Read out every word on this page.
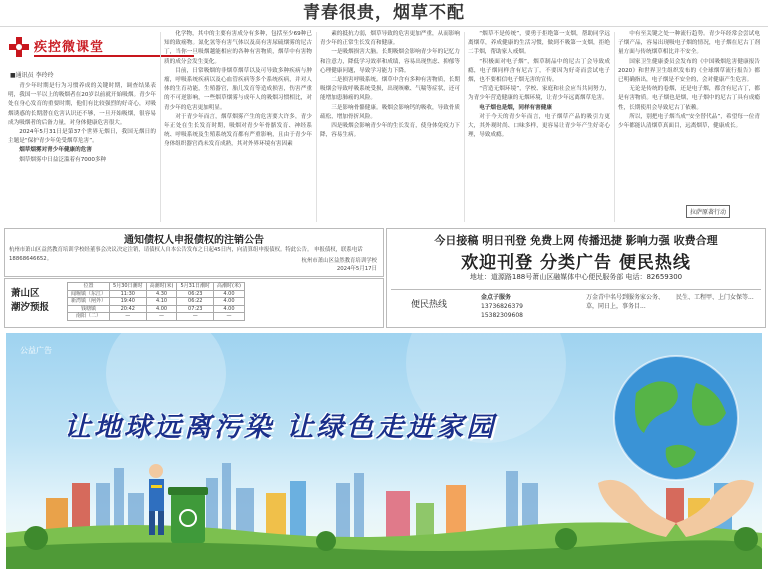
青春很贵，烟草不配
疾控微课堂
■通讯员 李玲玲

青少年时期是行为习惯养成的关键时期，调查结果表明，我国一半以上的吸烟者在20岁以前就开始吸烟。青少年处在身心发育的重要时期，他们有比较强烈的好奇心，对吸烟诱惑的长期潜在危害认识还不够，一旦开始吸烟，很容易成为吸烟者的后备力量，对身体健康危害很大。

2024年5月31日是第37个世界无烟日，我国无烟日的主题是“保护青少年免受烟草危害”。

烟草烟雾对青少年健康的危害

烟草烟雾中日益泛滥着有7000多种

化学物，其中的主要有害成分有多种，包括至少69种已知的致癌物。氮化氢等有害气体以及高有害尿硫烟雾的尼古丁，当你一旦吸烟越能相应的各种有害物质，烟草中有害物质的成分会发生变化。

目前，日常吸烟的非烟草烟草以及可导致多种疾病与肿瘤，呼吸系统疾病以及心血管疾病等多个系统疾病，并对人体的生育功能，生殖器官，胎儿发育等造成损害，伤害严重的不可逆影响，一些烟草烟雾与成年人的吸烟习惯相比，对青少年的危害更加明显。

对于青少年而言，烟草烟雾产生的危害要大许多，青少年正处在生长发育时期，吸烟对青少年骨骼发育、神经系统、呼吸系统及生殖系统发育都有严重影响，且由于青少年身体组织器官尚未发育成熟，其对外界环境有害因素

素的抵抗力弱，烟草导致的危害更加严重，从而影响青少年的正常生长发育和健康。

一是吸烟损害大脑。长期吸烟会影响青少年的记忆力和注意力，降低学习效率和成绩，容易出现焦虑、抑郁等心理健康问题，导致学习能力下降。

二是损害呼吸系统。烟草中含有多种有害物质，长期吸烟会导致呼吸系统受损，出现咳嗽、气喘等症状，还可能增加患肺癌的风险。

三是影响骨骼健康。吸烟会影响钙的吸收，导致骨质疏松，增加骨折风险。

四是吸烟会影响青少年的生长发育，使身体免疫力下降，容易生病。

“烟草不是传统”，要勇于拒绝第一支烟，帮助同学远离烟草，养成健康的生活习惯，做到不吸第一支烟，拒绝二手烟，帮助家人戒烟。

“积极面对电子烟”，烟草制品中的尼古丁会导致成瘾，电子烟同样含有尼古丁，不要因为好奇而尝试电子烟，也不要相信电子烟无害的宣传。

“营造无烟环境”，学校、家庭和社会应当共同努力，为青少年营造健康的无烟环境，让青少年远离烟草危害。

电子烟也是烟，同样有害健康

对于今天的青少年而言，电子烟草产品的吸引力更大，其外观时尚、口味多样，更容易让青少年产生好奇心理，导致成瘾。

中有至关键之处一种流行趋势。青少年经常会尝试电子烟产品，容易出现吸电子烟的情况，电子烟在尼古丁剂量方面与传统烟草相比并不安全。

国家卫生健康委员会发布的《中国吸烟危害健康报告2020》和世界卫生组织发布的《全球烟草流行报告》都已明确指出，电子烟是不安全的，会对健康产生危害。

无论是传统的卷烟，还是电子烟，都含有尼古丁，都是有害物质。电子烟也是烟，电子烟中的尼古丁具有成瘾性，长期使用会导致尼古丁依赖。

所以，别把电子烟当成“安全替代品”，希望每一位青少年都能认清烟草真面目，远离烟草，健康成长。

拉萨原著行动
通知债权人申报债权的注销公告
杭州市萧山区益然教育培训学校经董事会决议决定注销，请债权人自本公告发布之日起45日内，向清算组申报债权。特此公告。 申报债权，联系电话 18868646652。	杭州市萧山区益然教育培训学校
2024年5月17日
萧山区
潮汐预报
位置	5月30日潮时	高潮时(米)	5月31日潮时	高潮时(米)
闻堰镇（东江）	11:30	4.30	06:23	4.00
新湾镇（闸外）	19:40	4.10	06:22	4.00
钱塘镇	20:42	4.00	07:23	4.00
南阳（二）	—	—	—	—
今日接稿 明日刊登 免费上网 传播迅捷 影响力强 收费合理
欢迎刊登 分类广告 便民热线
地址：道源路188号萧山区融媒体中心便民服务部 电话：82659300
便民热线
金点子服务
13736826379
15382309608
万金青中名号到服务家公务、草，同日上，事务目...
民生、工程甲、上门女保等...
公益广告
让地球远离污染 让绿色走进家园
